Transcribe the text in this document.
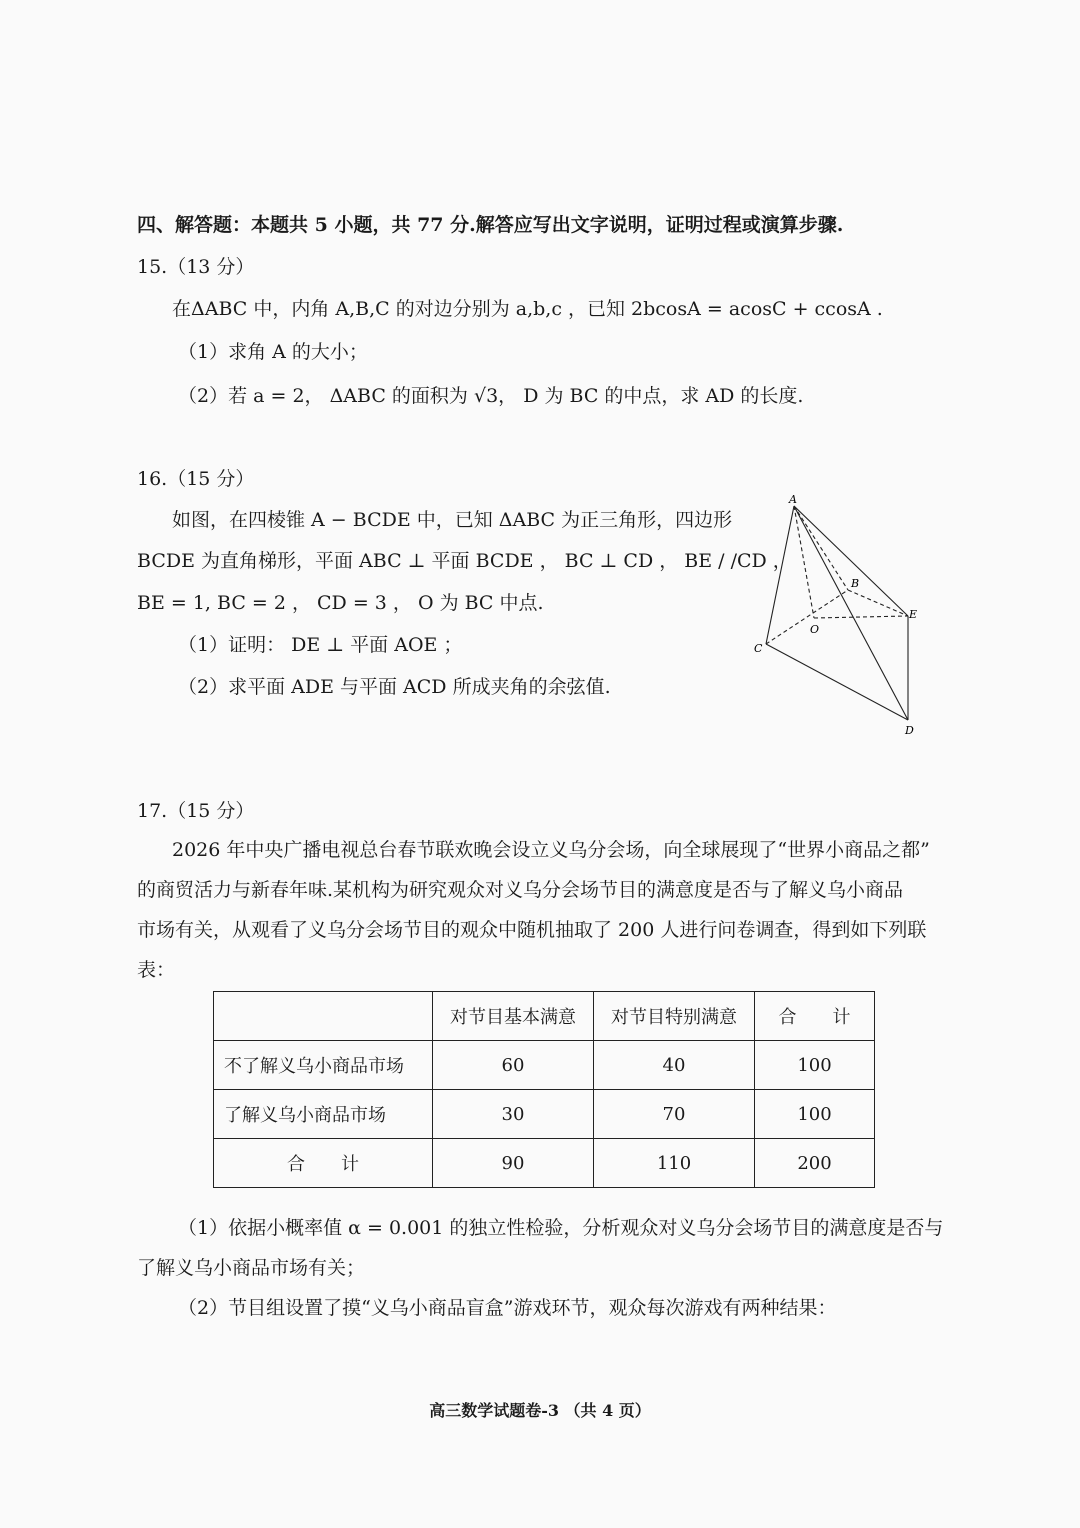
四、解答题：本题共 5 小题，共 77 分.解答应写出文字说明，证明过程或演算步骤.
15.（13 分）
在ΔABC 中，内角 A,B,C 的对边分别为 a,b,c ，已知 2bcosA = acosC + ccosA .
（1）求角 A 的大小；
（2）若 a = 2， ΔABC 的面积为 √3， D 为 BC 的中点，求 AD 的长度.
16.（15 分）
如图，在四棱锥 A − BCDE 中，已知 ΔABC 为正三角形，四边形
BCDE 为直角梯形，平面 ABC ⊥ 平面 BCDE ， BC ⊥ CD ， BE / /CD ，
BE = 1, BC = 2 ， CD = 3 ， O 为 BC 中点.
（1）证明： DE ⊥ 平面 AOE ；
（2）求平面 ADE 与平面 ACD 所成夹角的余弦值.
A
B
C
D
E
O
17.（15 分）
2026 年中央广播电视总台春节联欢晚会设立义乌分会场，向全球展现了“世界小商品之都”
的商贸活力与新春年味.某机构为研究观众对义乌分会场节目的满意度是否与了解义乌小商品
市场有关，从观看了义乌分会场节目的观众中随机抽取了 200 人进行问卷调查，得到如下列联
表：
	对节目基本满意	对节目特别满意	合　　计
不了解义乌小商品市场	60	40	100
了解义乌小商品市场	30	70	100
合　　计	90	110	200
（1）依据小概率值 α = 0.001 的独立性检验，分析观众对义乌分会场节目的满意度是否与
了解义乌小商品市场有关；
（2）节目组设置了摸“义乌小商品盲盒”游戏环节，观众每次游戏有两种结果：
高三数学试题卷-3 （共 4 页）
